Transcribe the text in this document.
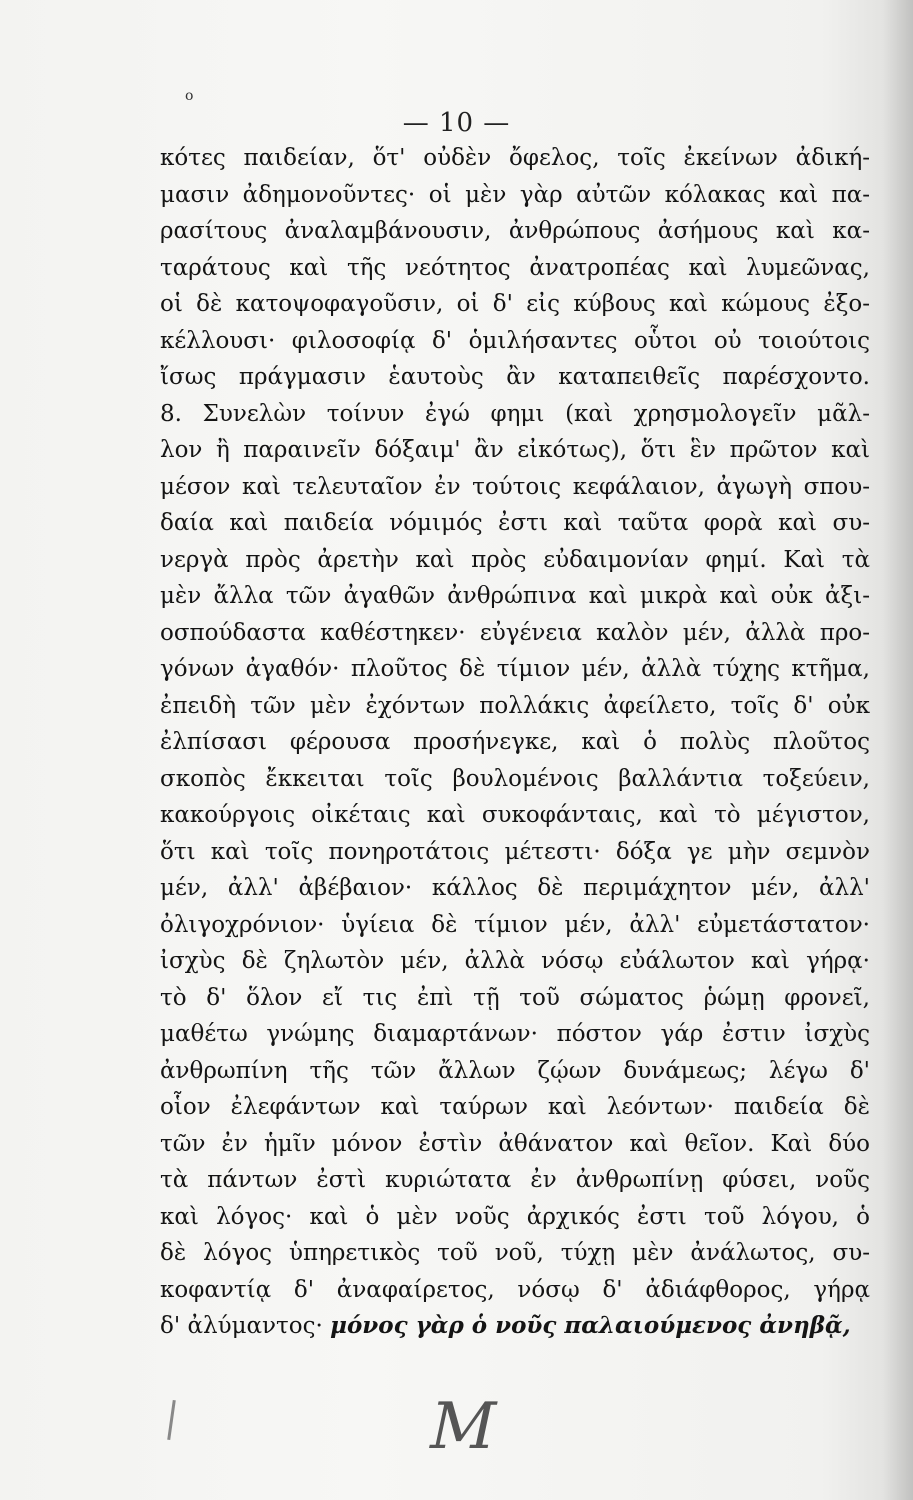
ο
— 10 —
κότες παιδείαν, ὅτ' οὐδὲν ὄφελος, τοῖς ἐκείνων ἀδική-
μασιν ἀδημονοῦντες· οἱ μὲν γὰρ αὐτῶν κόλακας καὶ πα-
ρασίτους ἀναλαμβάνουσιν, ἀνθρώπους ἀσήμους καὶ κα-
ταράτους καὶ τῆς νεότητος ἀνατροπέας καὶ λυμεῶνας,
οἱ δὲ κατοψοφαγοῦσιν, οἱ δ' εἰς κύβους καὶ κώμους ἐξο-
κέλλουσι· φιλοσοφίᾳ δ' ὁμιλήσαντες οὗτοι οὐ τοιούτοις
ἴσως πράγμασιν ἑαυτοὺς ἂν καταπειθεῖς παρέσχοντο.
8. Συνελὼν τοίνυν ἐγώ φημι (καὶ χρησμολογεῖν μᾶλ-
λον ἢ παραινεῖν δόξαιμ' ἂν εἰκότως), ὅτι ἓν πρῶτον καὶ
μέσον καὶ τελευταῖον ἐν τούτοις κεφάλαιον, ἀγωγὴ σπου-
δαία καὶ παιδεία νόμιμός ἐστι καὶ ταῦτα φορὰ καὶ συ-
νεργὰ πρὸς ἀρετὴν καὶ πρὸς εὐδαιμονίαν φημί. Καὶ τὰ
μὲν ἄλλα τῶν ἀγαθῶν ἀνθρώπινα καὶ μικρὰ καὶ οὐκ ἀξι-
οσπούδαστα καθέστηκεν· εὐγένεια καλὸν μέν, ἀλλὰ προ-
γόνων ἀγαθόν· πλοῦτος δὲ τίμιον μέν, ἀλλὰ τύχης κτῆμα,
ἐπειδὴ τῶν μὲν ἐχόντων πολλάκις ἀφείλετο, τοῖς δ' οὐκ
ἐλπίσασι φέρουσα προσήνεγκε, καὶ ὁ πολὺς πλοῦτος
σκοπὸς ἔκκειται τοῖς βουλομένοις βαλλάντια τοξεύειν,
κακούργοις οἰκέταις καὶ συκοφάνταις, καὶ τὸ μέγιστον,
ὅτι καὶ τοῖς πονηροτάτοις μέτεστι· δόξα γε μὴν σεμνὸν
μέν, ἀλλ' ἀβέβαιον· κάλλος δὲ περιμάχητον μέν, ἀλλ'
ὀλιγοχρόνιον· ὑγίεια δὲ τίμιον μέν, ἀλλ' εὐμετάστατον·
ἰσχὺς δὲ ζηλωτὸν μέν, ἀλλὰ νόσῳ εὐάλωτον καὶ γήρᾳ·
τὸ δ' ὅλον εἴ τις ἐπὶ τῇ τοῦ σώματος ῥώμῃ φρονεῖ,
μαθέτω γνώμης διαμαρτάνων· πόστον γάρ ἐστιν ἰσχὺς
ἀνθρωπίνη τῆς τῶν ἄλλων ζῴων δυνάμεως; λέγω δ'
οἷον ἐλεφάντων καὶ ταύρων καὶ λεόντων· παιδεία δὲ
τῶν ἐν ἡμῖν μόνον ἐστὶν ἀθάνατον καὶ θεῖον. Καὶ δύο
τὰ πάντων ἐστὶ κυριώτατα ἐν ἀνθρωπίνῃ φύσει, νοῦς
καὶ λόγος· καὶ ὁ μὲν νοῦς ἀρχικός ἐστι τοῦ λόγου, ὁ
δὲ λόγος ὑπηρετικὸς τοῦ νοῦ, τύχῃ μὲν ἀνάλωτος, συ-
κοφαντίᾳ δ' ἀναφαίρετος, νόσῳ δ' ἀδιάφθορος, γήρᾳ
δ' ἀλύμαντος· μόνος γὰρ ὁ νοῦς παλαιούμενος ἀνηβᾷ,
M
